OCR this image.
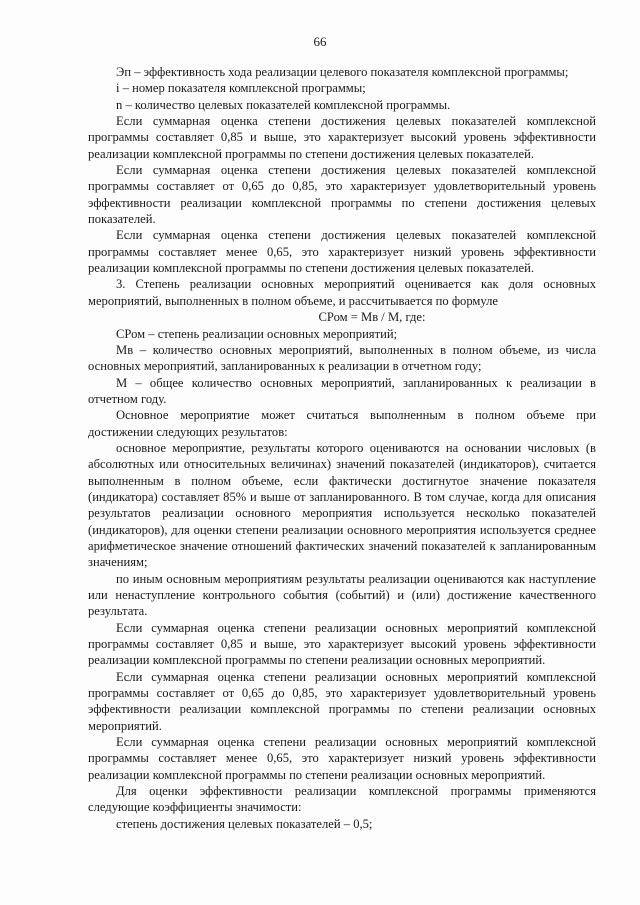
66

Эп – эффективность хода реализации целевого показателя комплексной программы;

i – номер показателя комплексной программы;

n – количество целевых показателей комплексной программы.

Если суммарная оценка степени достижения целевых показателей комплексной программы составляет 0,85 и выше, это характеризует высокий уровень эффективности реализации комплексной программы по степени достижения целевых показателей.

Если суммарная оценка степени достижения целевых показателей комплексной программы составляет от 0,65 до 0,85, это характеризует удовлетворительный уровень эффективности реализации комплексной программы по степени достижения целевых показателей.

Если суммарная оценка степени достижения целевых показателей комплексной программы составляет менее 0,65, это характеризует низкий уровень эффективности реализации комплексной программы по степени достижения целевых показателей.

3. Степень реализации основных мероприятий оценивается как доля основных мероприятий, выполненных в полном объеме, и рассчитывается по формуле

СРом = Мв / М, где:

СРом – степень реализации основных мероприятий;

Мв – количество основных мероприятий, выполненных в полном объеме, из числа основных мероприятий, запланированных к реализации в отчетном году;

М – общее количество основных мероприятий, запланированных к реализации в отчетном году.

Основное мероприятие может считаться выполненным в полном объеме при достижении следующих результатов:

основное мероприятие, результаты которого оцениваются на основании числовых (в абсолютных или относительных величинах) значений показателей (индикаторов), считается выполненным в полном объеме, если фактически достигнутое значение показателя (индикатора) составляет 85% и выше от запланированного. В том случае, когда для описания результатов реализации основного мероприятия используется несколько показателей (индикаторов), для оценки степени реализации основного мероприятия используется среднее арифметическое значение отношений фактических значений показателей к запланированным значениям;

по иным основным мероприятиям результаты реализации оцениваются как наступление или ненаступление контрольного события (событий) и (или) достижение качественного результата.

Если суммарная оценка степени реализации основных мероприятий комплексной программы составляет 0,85 и выше, это характеризует высокий уровень эффективности реализации комплексной программы по степени реализации основных мероприятий.

Если суммарная оценка степени реализации основных мероприятий комплексной программы составляет от 0,65 до 0,85, это характеризует удовлетворительный уровень эффективности реализации комплексной программы по степени реализации основных мероприятий.

Если суммарная оценка степени реализации основных мероприятий комплексной программы составляет менее 0,65, это характеризует низкий уровень эффективности реализации комплексной программы по степени реализации основных мероприятий.

Для оценки эффективности реализации комплексной программы применяются следующие коэффициенты значимости:

степень достижения целевых показателей – 0,5;
